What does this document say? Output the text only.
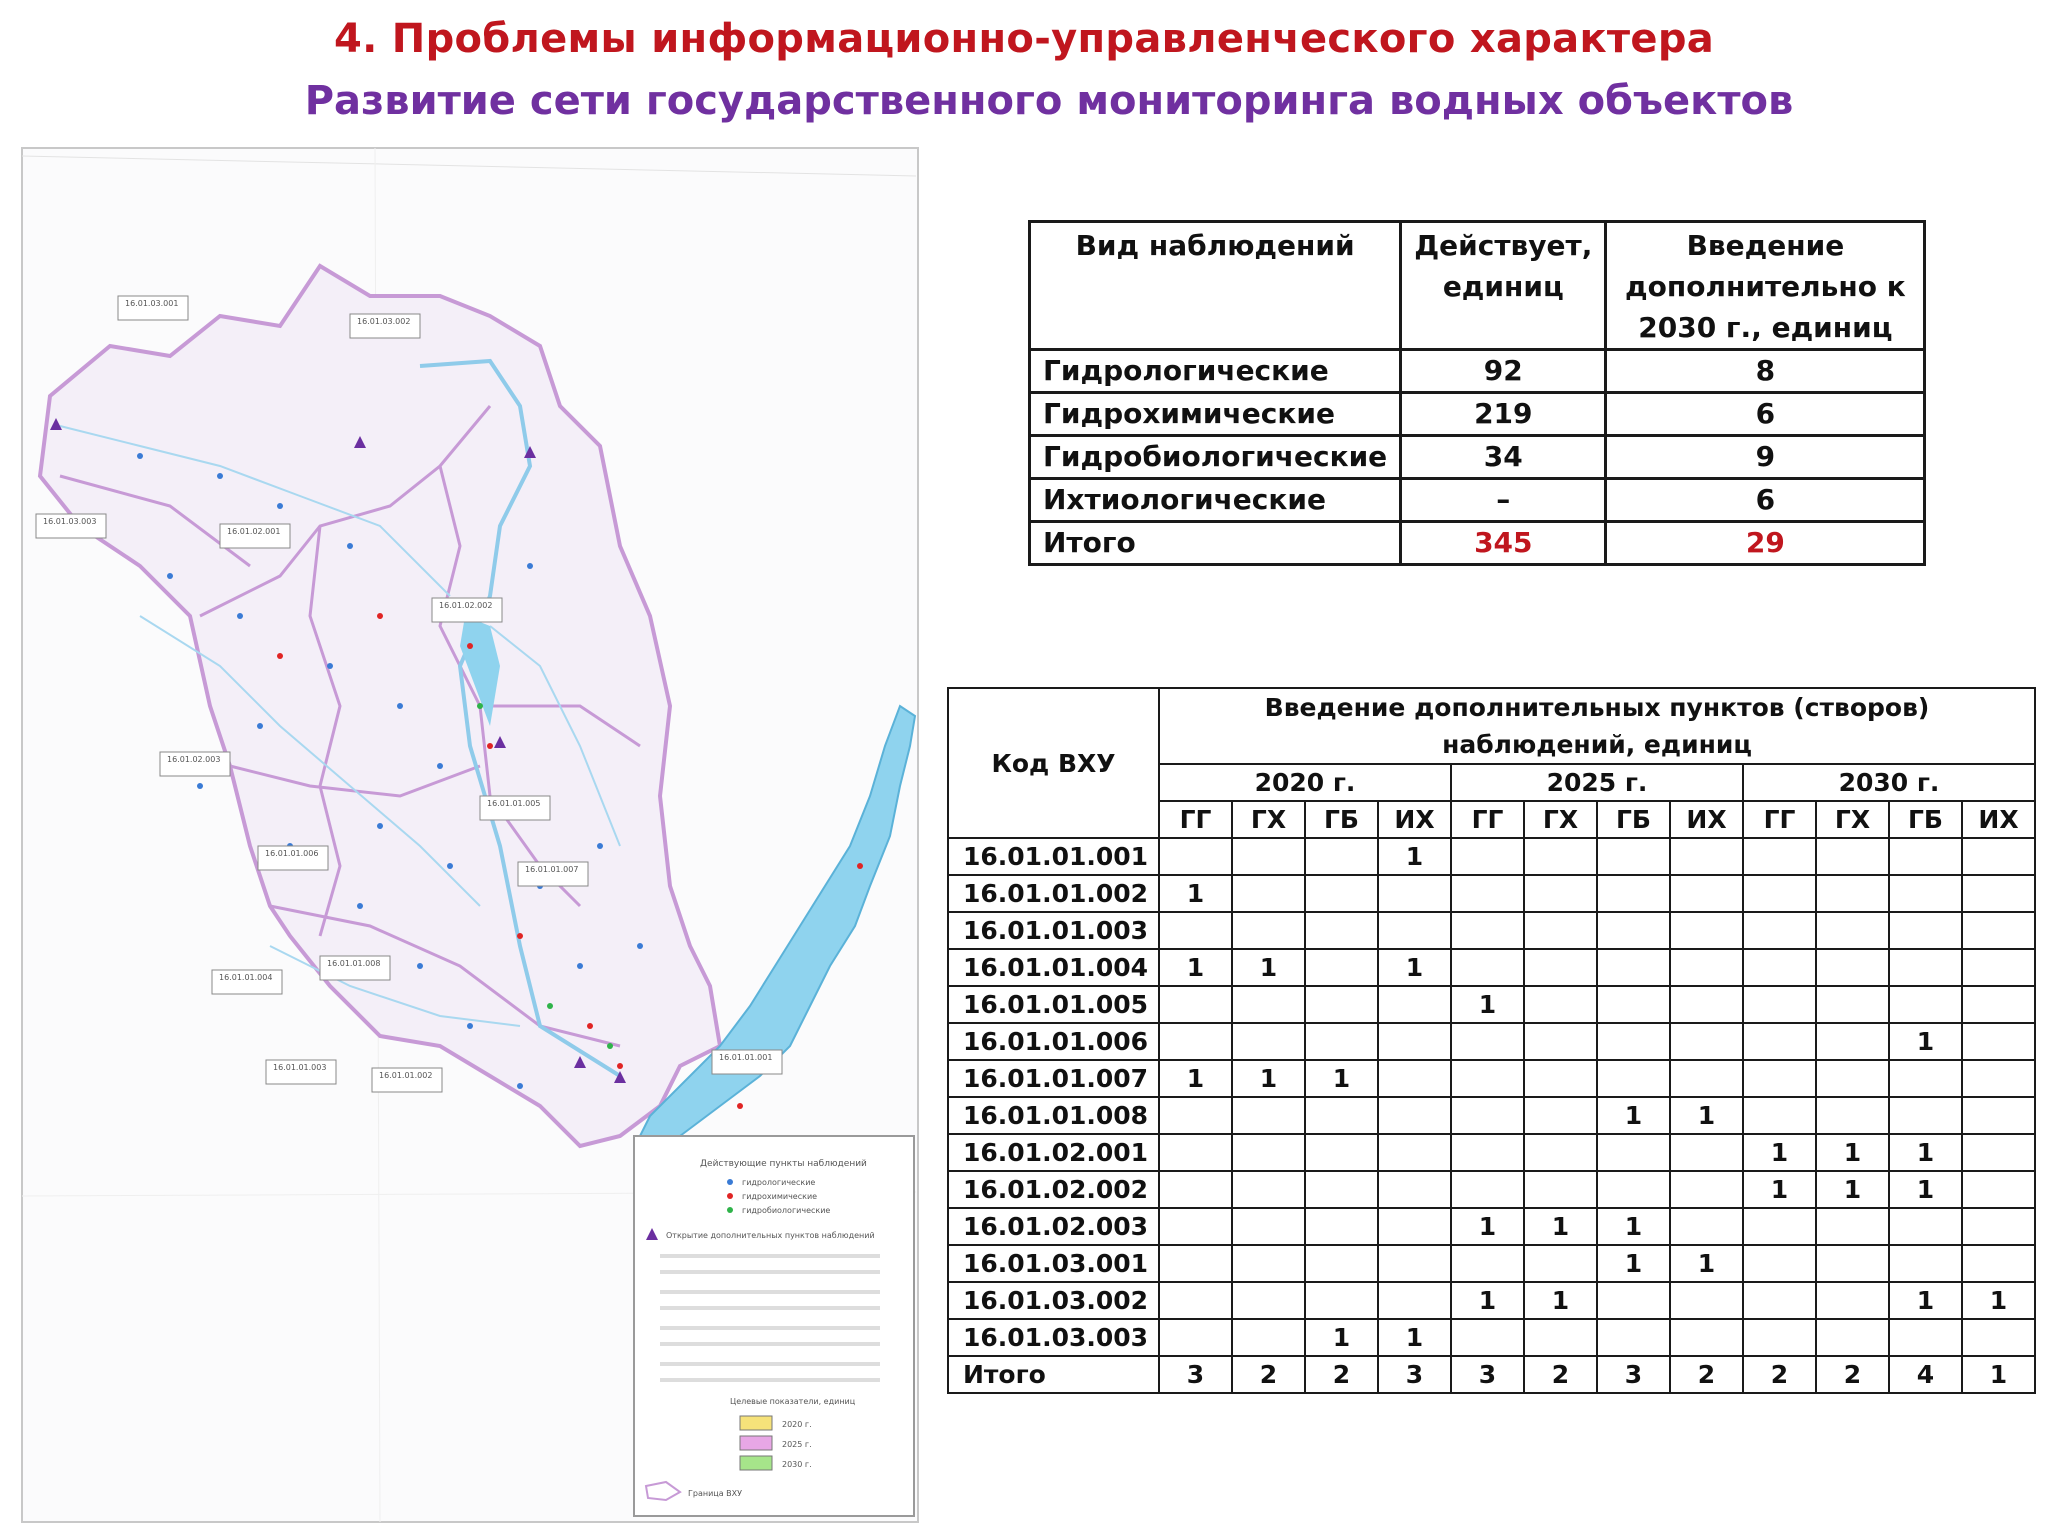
4. Проблемы информационно-управленческого характера
Развитие сети государственного мониторинга водных объектов
16.01.03.001
16.01.03.002
16.01.03.003
16.01.02.001
16.01.02.002
16.01.02.003
16.01.01.005
16.01.01.006
16.01.01.007
16.01.01.008
16.01.01.004
16.01.01.003
16.01.01.002
16.01.01.001
Действующие пункты наблюдений
гидрологические
гидрохимические
гидробиологические
Открытие дополнительных пунктов наблюдений
Целевые показатели, единиц
2020 г.
2025 г.
2030 г.
Граница ВХУ
Вид наблюдений	Действует, единиц	Введение дополнительно к 2030 г., единиц
Гидрологические	92	8
Гидрохимические	219	6
Гидробиологические	34	9
Ихтиологические	–	6
Итого	345	29
Код ВХУ	Введение дополнительных пунктов (створов) наблюдений, единиц											
	2020 г.				2025 г.				2030 г.			
	ГГ	ГХ	ГБ	ИХ	ГГ	ГХ	ГБ	ИХ	ГГ	ГХ	ГБ	ИХ
16.01.01.001				1								
16.01.01.002	1											
16.01.01.003												
16.01.01.004	1	1		1								
16.01.01.005					1							
16.01.01.006											1	
16.01.01.007	1	1	1									
16.01.01.008							1	1				
16.01.02.001									1	1	1	
16.01.02.002									1	1	1	
16.01.02.003					1	1	1					
16.01.03.001							1	1				
16.01.03.002					1	1					1	1
16.01.03.003			1	1								
Итого	3	2	2	3	3	2	3	2	2	2	4	1
